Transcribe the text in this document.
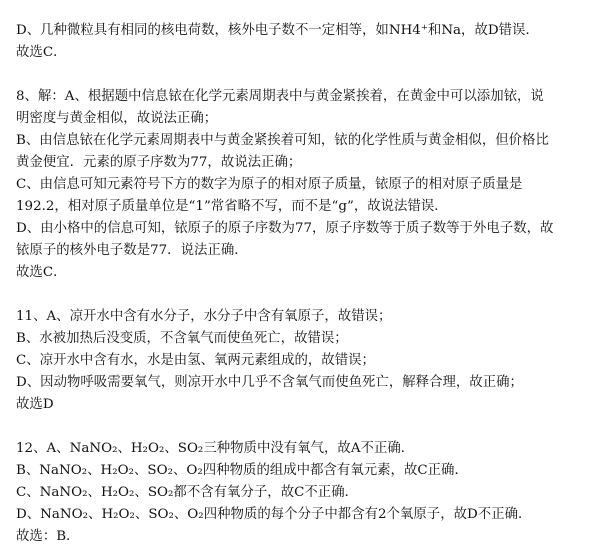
D、几种微粒具有相同的核电荷数，核外电子数不一定相等，如NH4⁺和Na，故D错误．
故选C．
8、解：A、根据题中信息铱在化学元素周期表中与黄金紧挨着，在黄金中可以添加铱，说
明密度与黄金相似，故说法正确；
B、由信息铱在化学元素周期表中与黄金紧挨着可知，铱的化学性质与黄金相似，但价格比
黄金便宜．元素的原子序数为77，故说法正确；
C、由信息可知元素符号下方的数字为原子的相对原子质量，铱原子的相对原子质量是
192.2，相对原子质量单位是“1”常省略不写，而不是“g”，故说法错误．
D、由小格中的信息可知，铱原子的原子序数为77，原子序数等于质子数等于外电子数，故
铱原子的核外电子数是77．说法正确．
故选C．
11、A、凉开水中含有水分子，水分子中含有氧原子，故错误；
B、水被加热后没变质，不含氧气而使鱼死亡，故错误；
C、凉开水中含有水，水是由氢、氧两元素组成的，故错误；
D、因动物呼吸需要氧气，则凉开水中几乎不含氧气而使鱼死亡，解释合理，故正确；
故选D
12、A、NaNO₂、H₂O₂、SO₂三种物质中没有氧气，故A不正确．
B、NaNO₂、H₂O₂、SO₂、O₂四种物质的组成中都含有氧元素，故C正确．
C、NaNO₂、H₂O₂、SO₂都不含有氧分子，故C不正确．
D、NaNO₂、H₂O₂、SO₂、O₂四种物质的每个分子中都含有2个氧原子，故D不正确．
故选：B．
